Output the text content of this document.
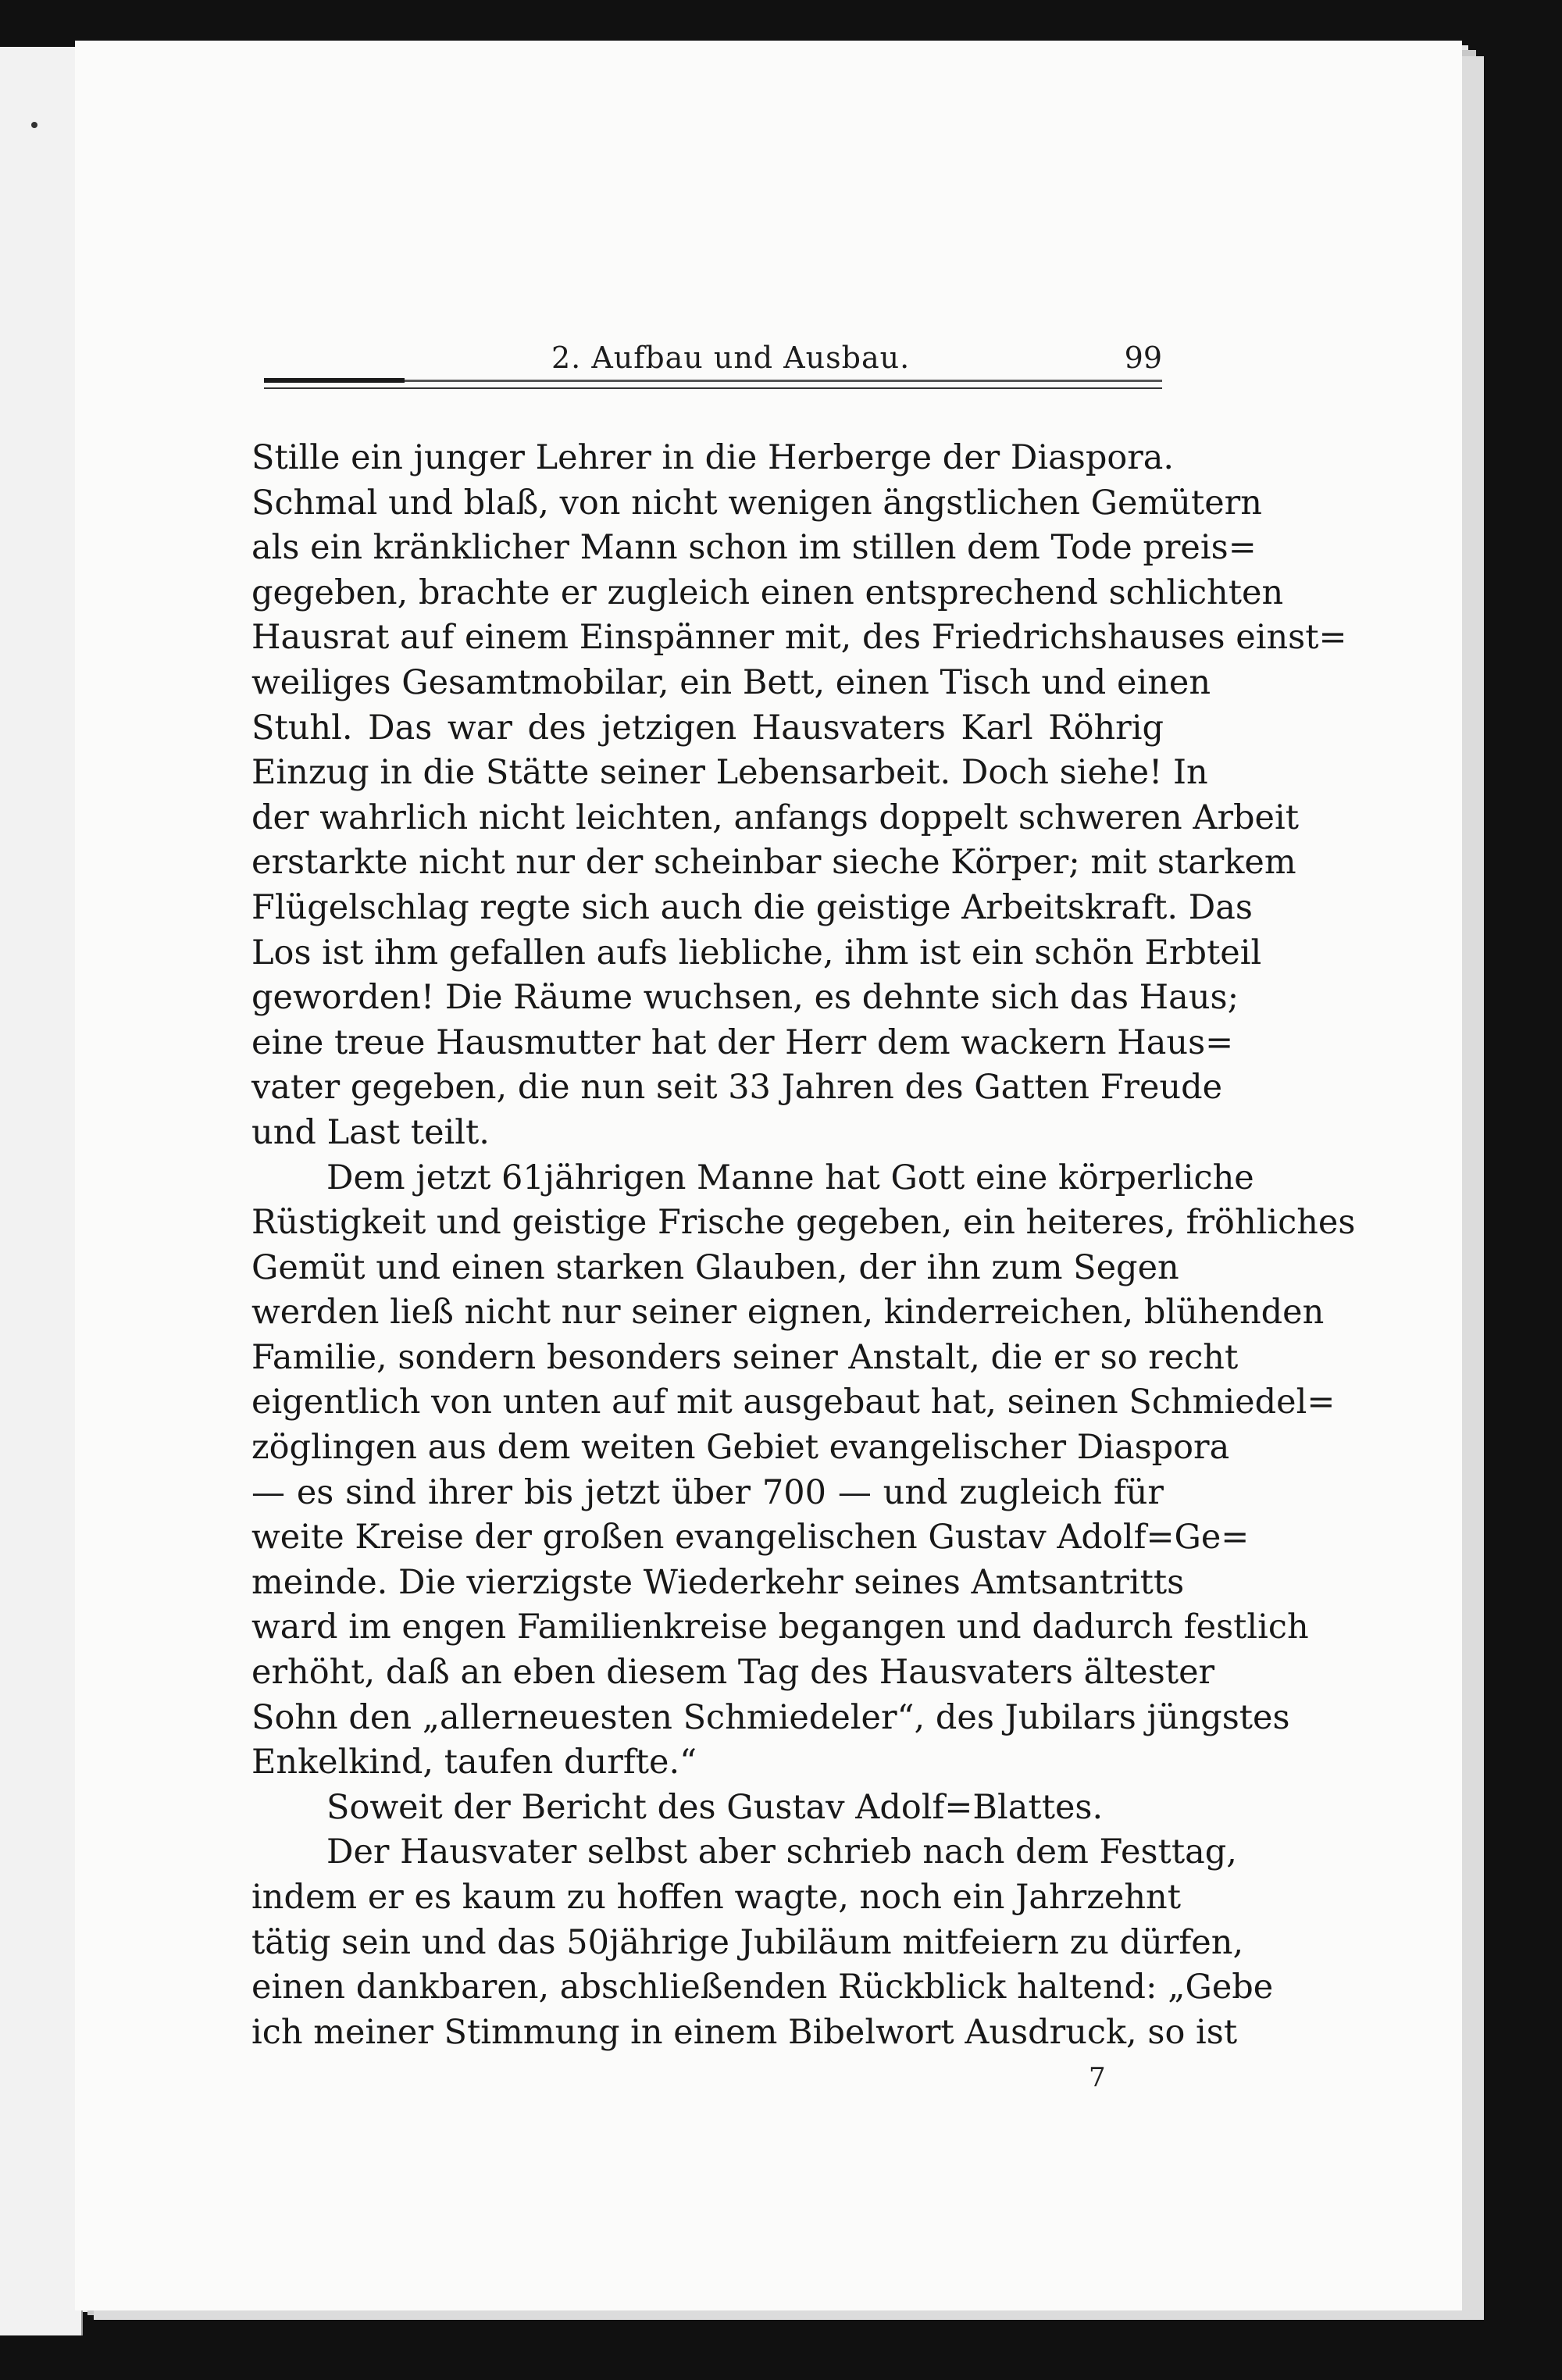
2. Aufbau und Ausbau.	99
Stille ein junger Lehrer in die Herberge der Diaspora.
Schmal und blaß, von nicht wenigen ängstlichen Gemütern
als ein kränklicher Mann schon im stillen dem Tode preis=
gegeben, brachte er zugleich einen entsprechend schlichten
Hausrat auf einem Einspänner mit, des Friedrichshauses einst=
weiliges Gesamtmobilar, ein Bett, einen Tisch und einen
Stuhl. Das war des jetzigen Hausvaters Karl Röhrig
Einzug in die Stätte seiner Lebensarbeit. Doch siehe! In
der wahrlich nicht leichten, anfangs doppelt schweren Arbeit
erstarkte nicht nur der scheinbar sieche Körper; mit starkem
Flügelschlag regte sich auch die geistige Arbeitskraft. Das
Los ist ihm gefallen aufs liebliche, ihm ist ein schön Erbteil
geworden! Die Räume wuchsen, es dehnte sich das Haus;
eine treue Hausmutter hat der Herr dem wackern Haus=
vater gegeben, die nun seit 33 Jahren des Gatten Freude
und Last teilt.
Dem jetzt 61jährigen Manne hat Gott eine körperliche
Rüstigkeit und geistige Frische gegeben, ein heiteres, fröhliches
Gemüt und einen starken Glauben, der ihn zum Segen
werden ließ nicht nur seiner eignen, kinderreichen, blühenden
Familie, sondern besonders seiner Anstalt, die er so recht
eigentlich von unten auf mit ausgebaut hat, seinen Schmiedel=
zöglingen aus dem weiten Gebiet evangelischer Diaspora
— es sind ihrer bis jetzt über 700 — und zugleich für
weite Kreise der großen evangelischen Gustav Adolf=Ge=
meinde. Die vierzigste Wiederkehr seines Amtsantritts
ward im engen Familienkreise begangen und dadurch festlich
erhöht, daß an eben diesem Tag des Hausvaters ältester
Sohn den „allerneuesten Schmiedeler“, des Jubilars jüngstes
Enkelkind, taufen durfte.“
Soweit der Bericht des Gustav Adolf=Blattes.
Der Hausvater selbst aber schrieb nach dem Festtag,
indem er es kaum zu hoffen wagte, noch ein Jahrzehnt
tätig sein und das 50jährige Jubiläum mitfeiern zu dürfen,
einen dankbaren, abschließenden Rückblick haltend: „Gebe
ich meiner Stimmung in einem Bibelwort Ausdruck, so ist
7
